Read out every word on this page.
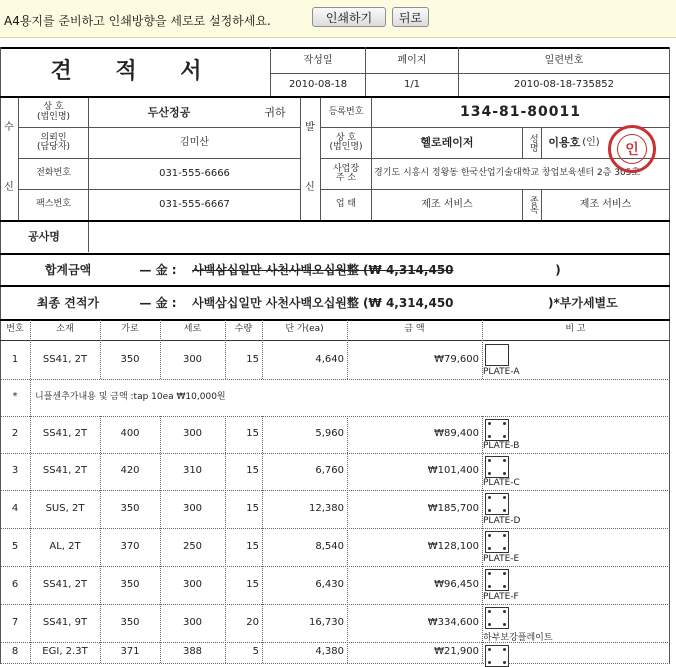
A4용지를 준비하고 인쇄방향을 세로로 설정하세요.	인쇄하기	뒤로
견 적 서	작성일	페이지	일련번호
2010-08-18	1/1	2010-08-18-735852
수
신
상 호
(법인명)	두산정공	귀하
의뢰인
(담당자)	김미산
전화번호	031-555-6666
팩스번호	031-555-6667
발
신
등록번호	134-81-80011
상 호
(법인명)	헬로레이저	성명 이용호 (인)
사업장
주 소	경기도 시흥시 정왕동 한국산업기술대학교 창업보육센터 2층 305호
업 태	제조 서비스	종목	제조 서비스
인
공사명
합계금액	— 金 :	사백삼십일만 사천사백오십원整 (₩ 4,314,450	)
최종 견적가	— 金 :	사백삼십일만 사천사백오십원整 (₩ 4,314,450	)*부가세별도
번호	소재	가로	세로	수량	단 가(ea)	금 액	비 고
1	SS41, 2T	350	300	15	4,640	₩79,600
PLATE-A
*	니플센추가내용 및 금액 :tap 10ea ₩10,000원
2	SS41, 2T	400	300	15	5,960	₩89,400
PLATE-B
3	SS41, 2T	420	310	15	6,760	₩101,400
PLATE-C
4	SUS, 2T	350	300	15	12,380	₩185,700
PLATE-D
5	AL, 2T	370	250	15	8,540	₩128,100
PLATE-E
6	SS41, 2T	350	300	15	6,430	₩96,450
PLATE-F
7	SS41, 9T	350	300	20	16,730	₩334,600
하부보강플레이트
8	EGI, 2.3T	371	388	5	4,380	₩21,900
